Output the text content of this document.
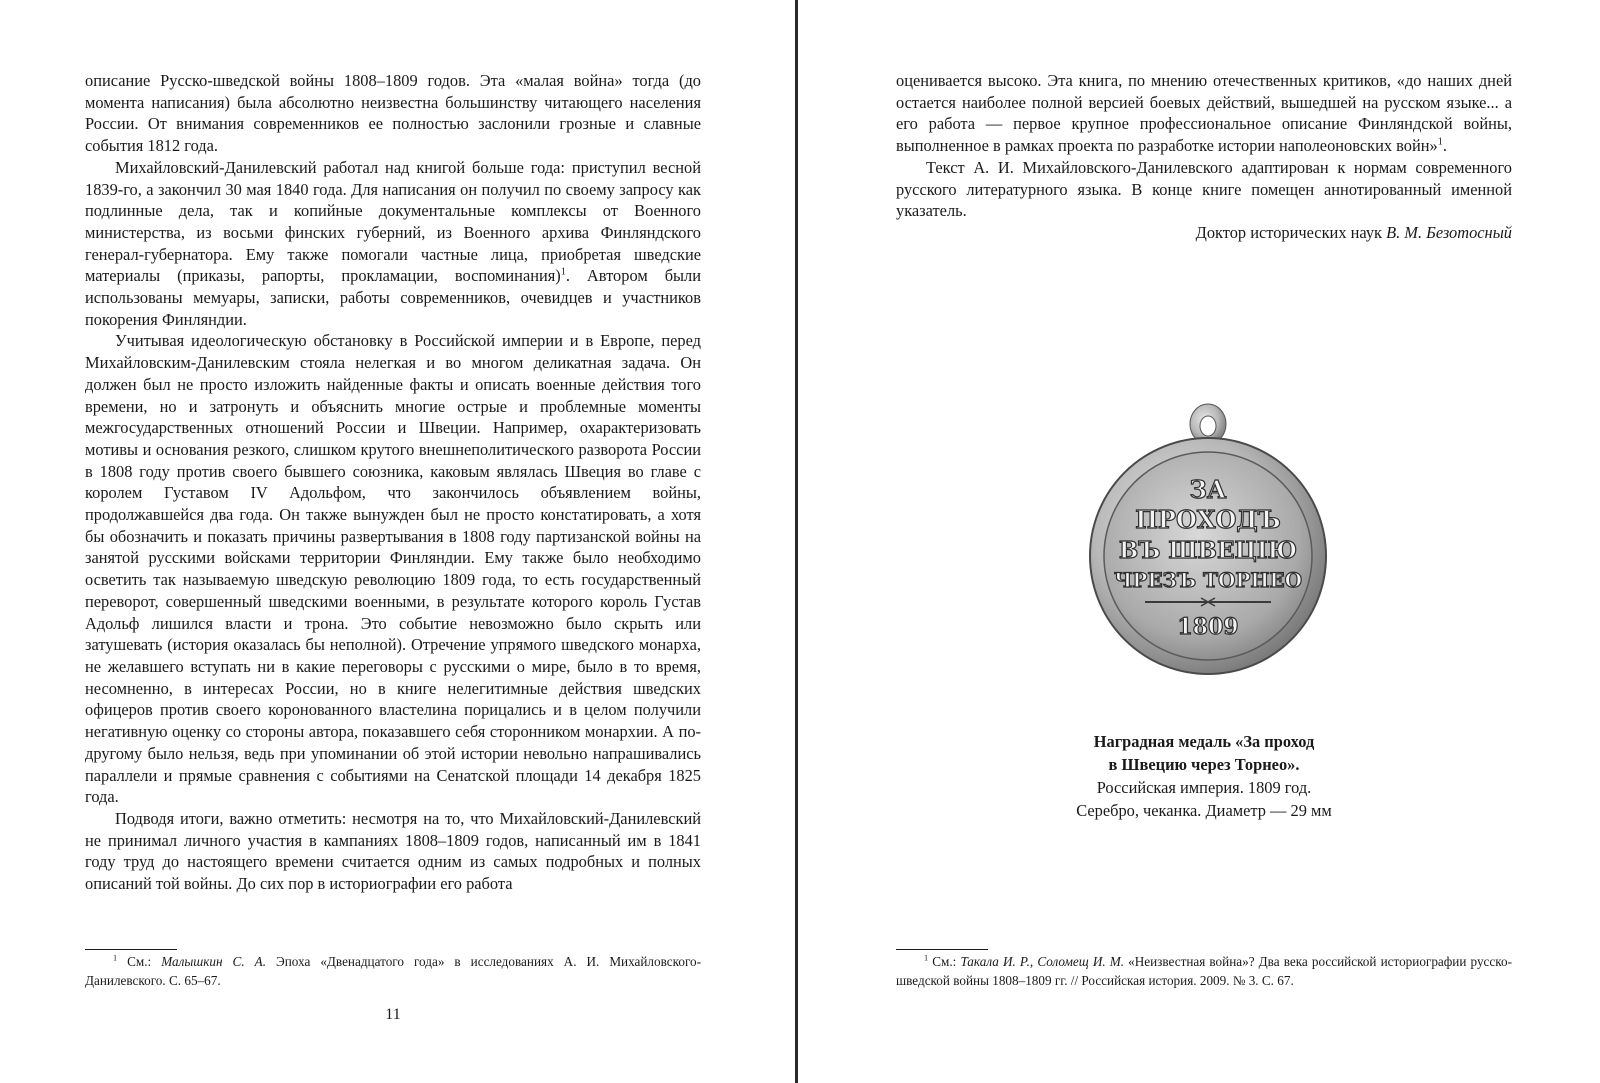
описание Русско-шведской войны 1808–1809 годов. Эта «малая война» тогда (до момента написания) была абсолютно неизвестна большинству читающего населения России. От внимания современников ее полностью заслонили грозные и славные события 1812 года.

Михайловский-Данилевский работал над книгой больше года: приступил весной 1839-го, а закончил 30 мая 1840 года. Для написания он получил по своему запросу как подлинные дела, так и копийные документальные комплексы от Военного министерства, из восьми финских губерний, из Военного архива Финляндского генерал-губернатора. Ему также помогали частные лица, приобретая шведские материалы (приказы, рапорты, прокламации, воспоминания)$^1$. Автором были использованы мемуары, записки, работы современников, очевидцев и участников покорения Финляндии.

Учитывая идеологическую обстановку в Российской империи и в Европе, перед Михайловским-Данилевским стояла нелегкая и во многом деликатная задача. Он должен был не просто изложить найденные факты и описать военные действия того времени, но и затронуть и объяснить многие острые и проблемные моменты межгосударственных отношений России и Швеции. Например, охарактеризовать мотивы и основания резкого, слишком крутого внешнеполитического разворота России в 1808 году против своего бывшего союзника, каковым являлась Швеция во главе с королем Густавом IV Адольфом, что закончилось объявлением войны, продолжавшейся два года. Он также вынужден был не просто констатировать, а хотя бы обозначить и показать причины развертывания в 1808 году партизанской войны на занятой русскими войсками территории Финляндии. Ему также было необходимо осветить так называемую шведскую революцию 1809 года, то есть государственный переворот, совершенный шведскими военными, в результате которого король Густав Адольф лишился власти и трона. Это событие невозможно было скрыть или затушевать (история оказалась бы неполной). Отречение упрямого шведского монарха, не желавшего вступать ни в какие переговоры с русскими о мире, было в то время, несомненно, в интересах России, но в книге нелегитимные действия шведских офицеров против своего коронованного властелина порицались и в целом получили негативную оценку со стороны автора, показавшего себя сторонником монархии. А по-другому было нельзя, ведь при упоминании об этой истории невольно напрашивались параллели и прямые сравнения с событиями на Сенатской площади 14 декабря 1825 года.

Подводя итоги, важно отметить: несмотря на то, что Михайловский-Данилевский не принимал личного участия в кампаниях 1808–1809 годов, написанный им в 1841 году труд до настоящего времени считается одним из самых подробных и полных описаний той войны. До сих пор в историографии его работа

$^1$ См.: Малышкин С. А. Эпоха «Двенадцатого года» в исследованиях А. И. Михайловского-Данилевского. С. 65–67.
11

оценивается высоко. Эта книга, по мнению отечественных критиков, «до наших дней остается наиболее полной версией боевых действий, вышедшей на русском языке... а его работа — первое крупное профессиональное описание Финляндской войны, выполненное в рамках проекта по разработке истории наполеоновских войн»$^1$.

Текст А. И. Михайловского-Данилевского адаптирован к нормам современного русского литературного языка. В конце книге помещен аннотированный именной указатель.

Доктор исторических наук В. М. Безотосный

ЗА
ПРОХОДЪ
ВЪ ШВЕЦІЮ
ЧРЕЗЪ ТОРНЕО
1809
Наградная медаль «За проход
в Швецию через Торнео».
Российская империя. 1809 год.
Серебро, чеканка. Диаметр — 29 мм
$^1$ См.: Такала И. Р., Соломещ И. М. «Неизвестная война»? Два века российской историографии русско-шведской войны 1808–1809 гг. // Российская история. 2009. № 3. С. 67.
